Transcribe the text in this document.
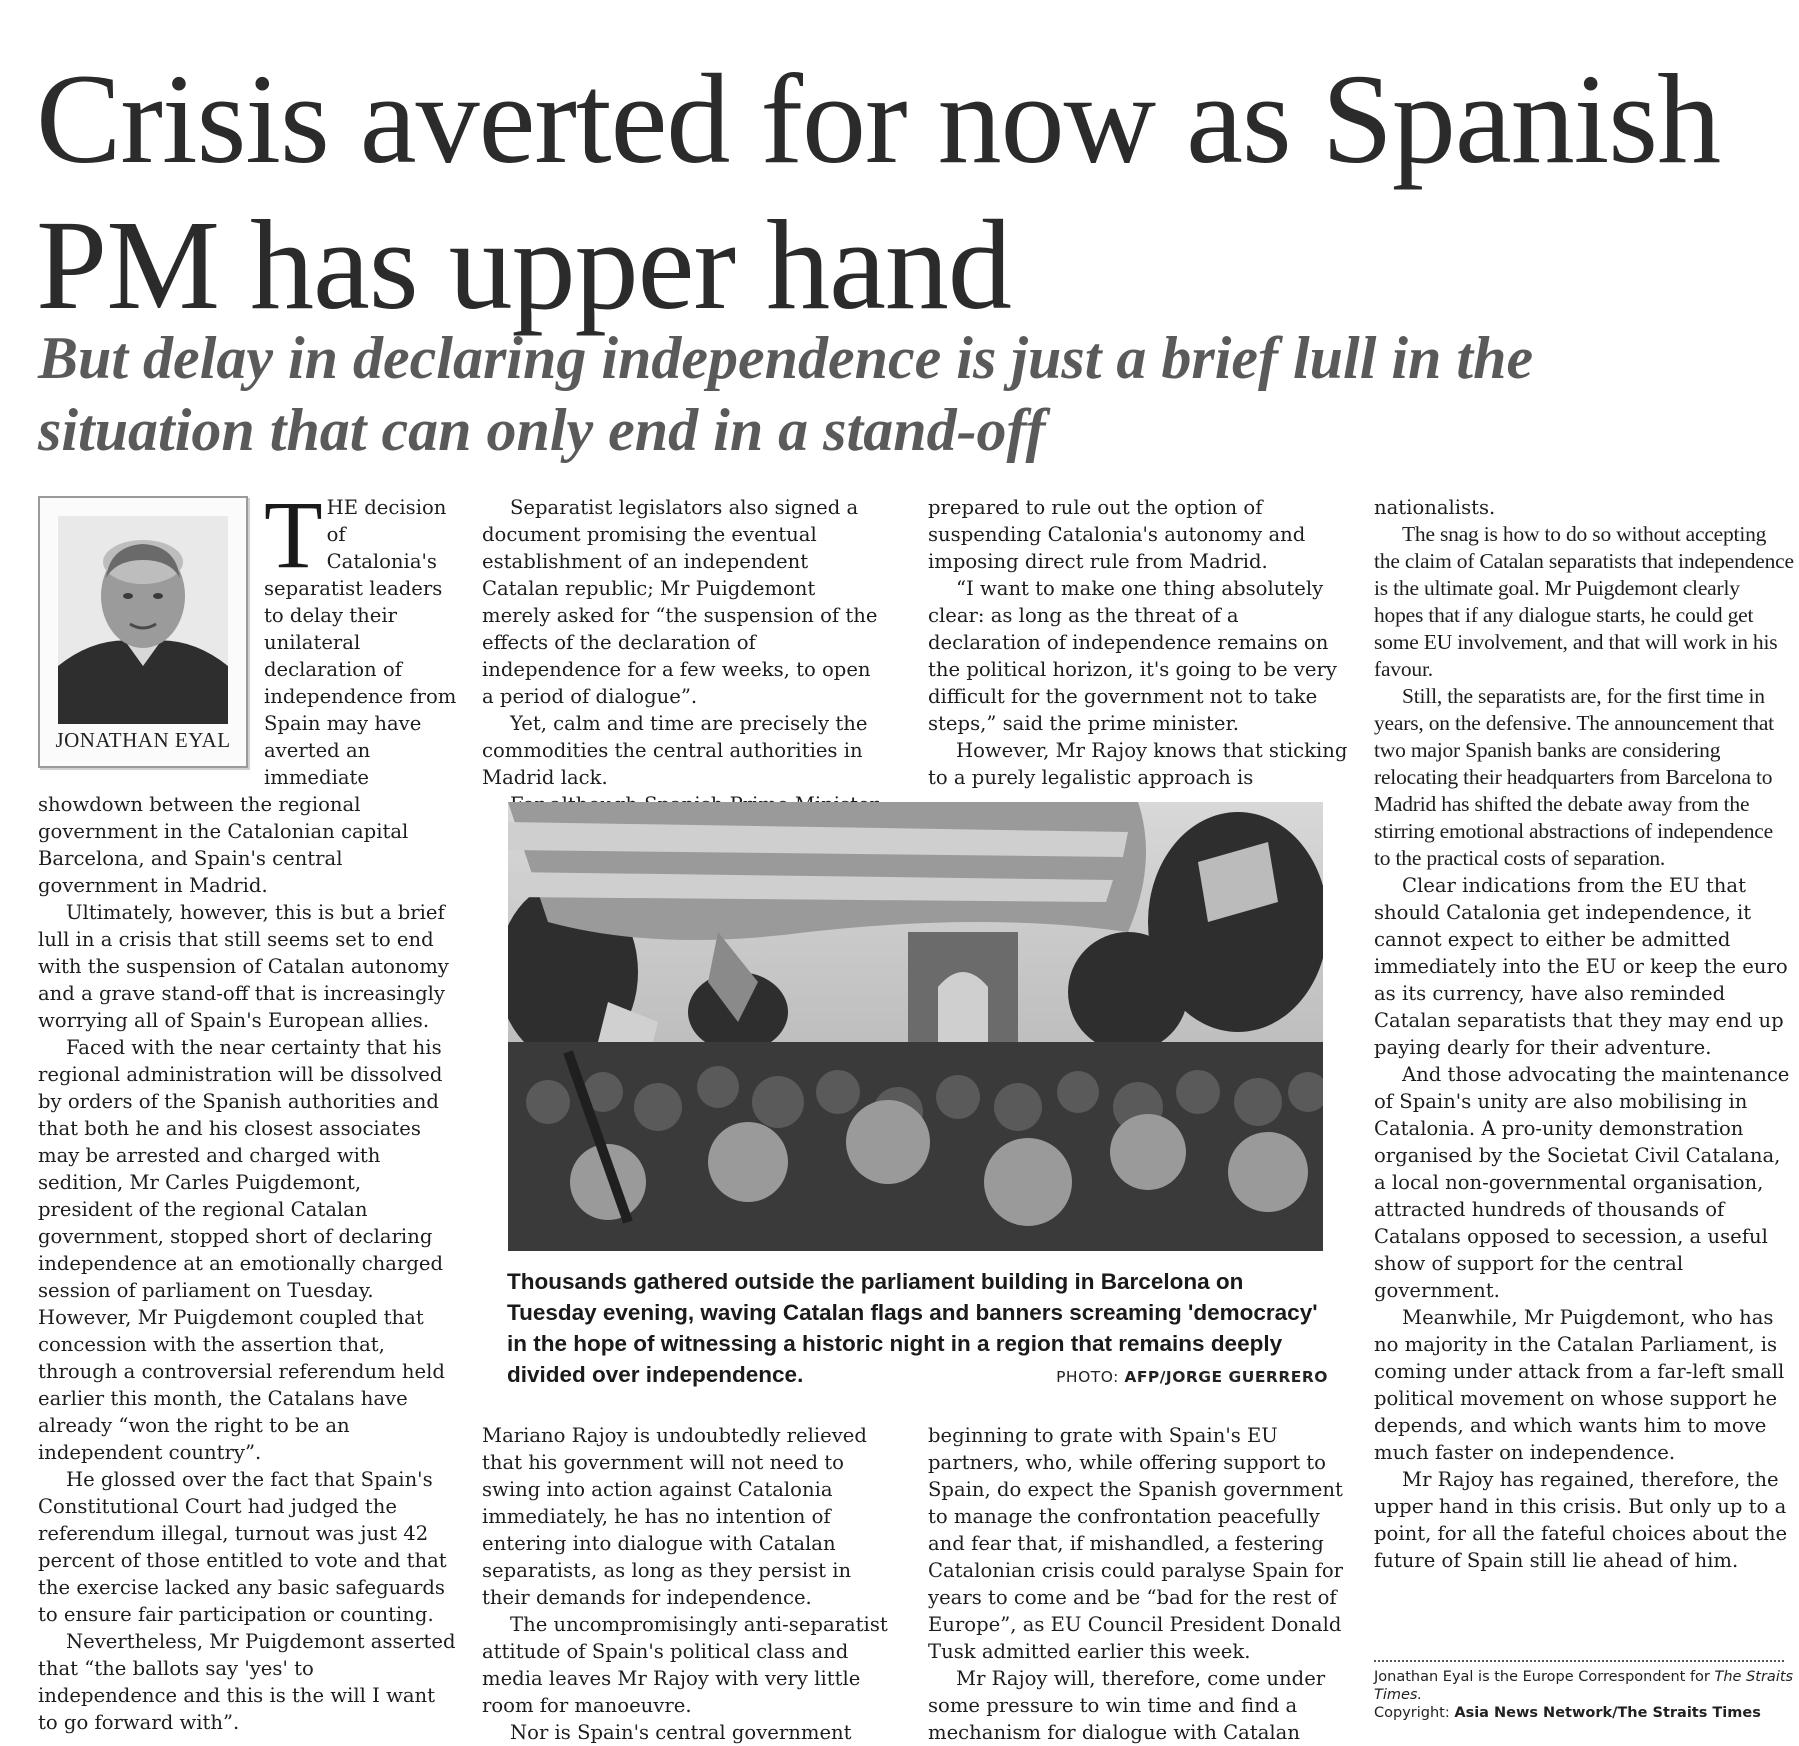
Crisis averted for now as Spanish PM has upper hand
But delay in declaring independence is just a brief lull in the situation that can only end in a stand-off
JONATHAN EYAL
T HE decision of Catalonia's separatist leaders to delay their unilateral declaration of independence from Spain may have averted an immediate showdown between the regional government in the Catalonian capital Barcelona, and Spain's central government in Madrid.

Ultimately, however, this is but a brief lull in a crisis that still seems set to end with the suspension of Catalan autonomy and a grave stand-off that is increasingly worrying all of Spain's European allies.

Faced with the near certainty that his regional administration will be dissolved by orders of the Spanish authorities and that both he and his closest associates may be arrested and charged with sedition, Mr Carles Puigdemont, president of the regional Catalan government, stopped short of declaring independence at an emotionally charged session of parliament on Tuesday. However, Mr Puigdemont coupled that concession with the assertion that, through a controversial referendum held earlier this month, the Catalans have already “won the right to be an independent country”.

He glossed over the fact that Spain's Constitutional Court had judged the referendum illegal, turnout was just 42 percent of those entitled to vote and that the exercise lacked any basic safeguards to ensure fair participation or counting.

Nevertheless, Mr Puigdemont asserted that “the ballots say 'yes' to independence and this is the will I want to go forward with”.

Separatist legislators also signed a document promising the eventual establishment of an independent Catalan republic; Mr Puigdemont merely asked for “the suspension of the effects of the declaration of independence for a few weeks, to open a period of dialogue”.

Yet, calm and time are precisely the commodities the central authorities in Madrid lack.

prepared to rule out the option of suspending Catalonia's autonomy and imposing direct rule from Madrid.

“I want to make one thing absolutely clear: as long as the threat of a declaration of independence remains on the political horizon, it's going to be very difficult for the government not to take steps,” said the prime minister.

However, Mr Rajoy knows that sticking to a purely legalistic approach is

Thousands gathered outside the parliament building in Barcelona on Tuesday evening, waving Catalan flags and banners screaming 'democracy' in the hope of witnessing a historic night in a region that remains deeply divided over independence.	PHOTO: AFP/JORGE GUERRERO

Mariano Rajoy is undoubtedly relieved that his government will not need to swing into action against Catalonia immediately, he has no intention of entering into dialogue with Catalan separatists, as long as they persist in their demands for independence.

The uncompromisingly anti-separatist attitude of Spain's political class and media leaves Mr Rajoy with very little room for manoeuvre.

Nor is Spain's central government

beginning to grate with Spain's EU partners, who, while offering support to Spain, do expect the Spanish government to manage the confrontation peacefully and fear that, if mishandled, a festering Catalonian crisis could paralyse Spain for years to come and be “bad for the rest of Europe”, as EU Council President Donald Tusk admitted earlier this week.

Mr Rajoy will, therefore, come under some pressure to win time and find a mechanism for dialogue with Catalan

nationalists.

The snag is how to do so without accepting the claim of Catalan separatists that independence is the ultimate goal. Mr Puigdemont clearly hopes that if any dialogue starts, he could get some EU involvement, and that will work in his favour.

Still, the separatists are, for the first time in years, on the defensive. The announcement that two major Spanish banks are considering relocating their headquarters from Barcelona to Madrid has shifted the debate away from the stirring emotional abstractions of independence to the practical costs of separation.

Clear indications from the EU that should Catalonia get independence, it cannot expect to either be admitted immediately into the EU or keep the euro as its currency, have also reminded Catalan separatists that they may end up paying dearly for their adventure.

And those advocating the maintenance of Spain's unity are also mobilising in Catalonia. A pro-unity demonstration organised by the Societat Civil Catalana, a local non-governmental organisation, attracted hundreds of thousands of Catalans opposed to secession, a useful show of support for the central government.

Meanwhile, Mr Puigdemont, who has no majority in the Catalan Parliament, is coming under attack from a far-left small political movement on whose support he depends, and which wants him to move much faster on independence.

Mr Rajoy has regained, therefore, the upper hand in this crisis. But only up to a point, for all the fateful choices about the future of Spain still lie ahead of him.

Jonathan Eyal is the Europe Correspondent for The Straits Times.
Copyright: Asia News Network/The Straits Times
